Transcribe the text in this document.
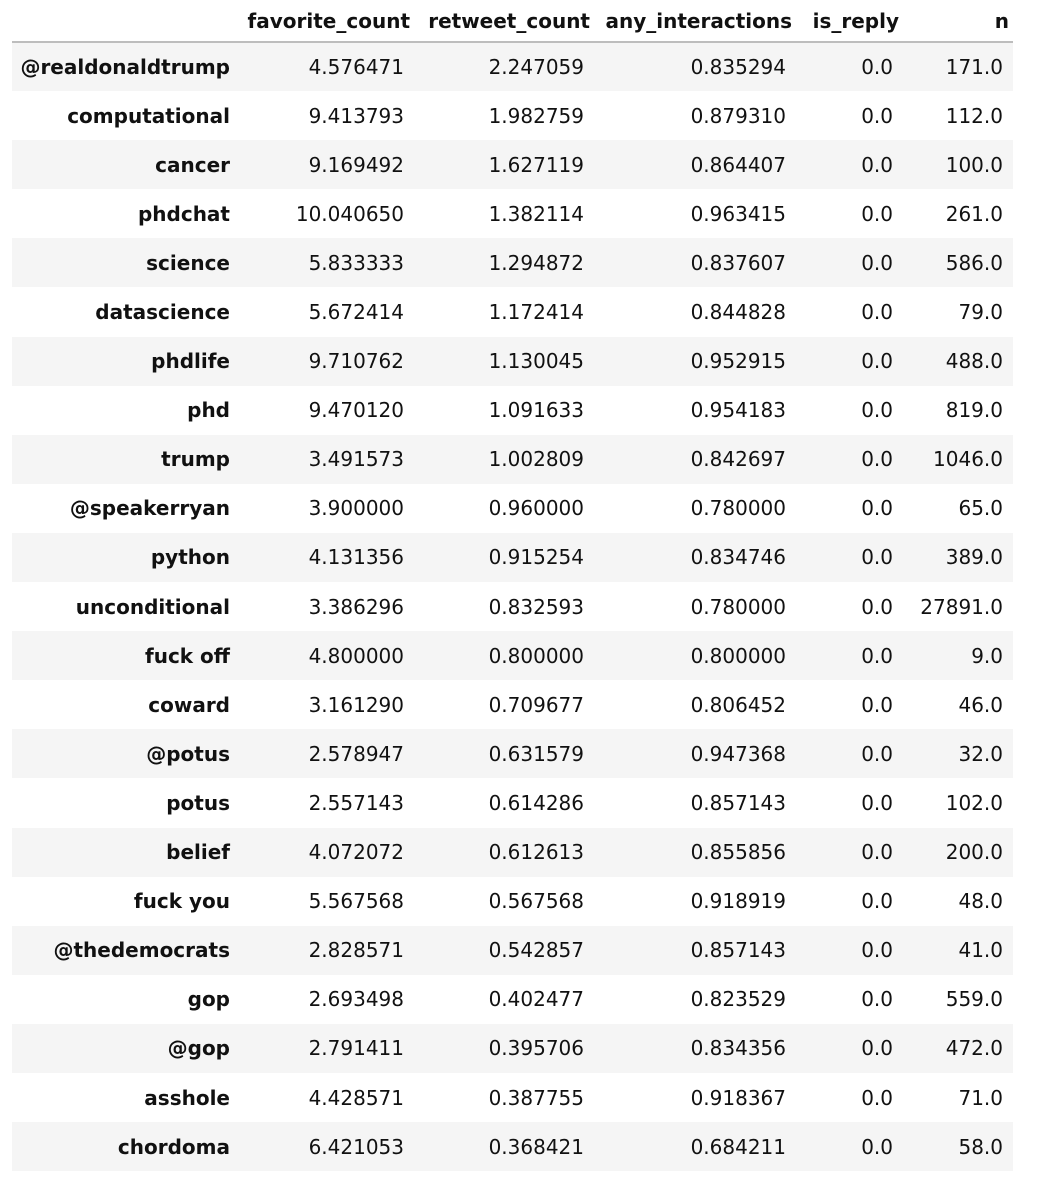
	favorite_count	retweet_count	any_interactions	is_reply	n
@realdonaldtrump	4.576471	2.247059	0.835294	0.0	171.0
computational	9.413793	1.982759	0.879310	0.0	112.0
cancer	9.169492	1.627119	0.864407	0.0	100.0
phdchat	10.040650	1.382114	0.963415	0.0	261.0
science	5.833333	1.294872	0.837607	0.0	586.0
datascience	5.672414	1.172414	0.844828	0.0	79.0
phdlife	9.710762	1.130045	0.952915	0.0	488.0
phd	9.470120	1.091633	0.954183	0.0	819.0
trump	3.491573	1.002809	0.842697	0.0	1046.0
@speakerryan	3.900000	0.960000	0.780000	0.0	65.0
python	4.131356	0.915254	0.834746	0.0	389.0
unconditional	3.386296	0.832593	0.780000	0.0	27891.0
fuck off	4.800000	0.800000	0.800000	0.0	9.0
coward	3.161290	0.709677	0.806452	0.0	46.0
@potus	2.578947	0.631579	0.947368	0.0	32.0
potus	2.557143	0.614286	0.857143	0.0	102.0
belief	4.072072	0.612613	0.855856	0.0	200.0
fuck you	5.567568	0.567568	0.918919	0.0	48.0
@thedemocrats	2.828571	0.542857	0.857143	0.0	41.0
gop	2.693498	0.402477	0.823529	0.0	559.0
@gop	2.791411	0.395706	0.834356	0.0	472.0
asshole	4.428571	0.387755	0.918367	0.0	71.0
chordoma	6.421053	0.368421	0.684211	0.0	58.0
